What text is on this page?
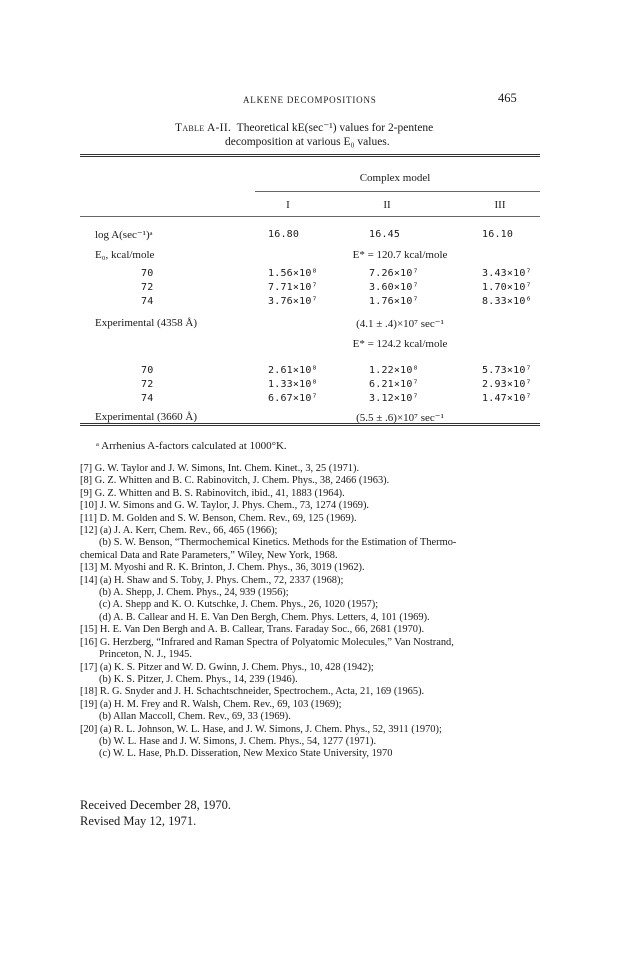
ALKENE DECOMPOSITIONS	465
Table A-II. Theoretical kE(sec⁻¹) values for 2-pentene
decomposition at various E₀ values.
Complex model
I	II	III
log A(sec⁻¹)ᵃ	16.80	16.45	16.10
E₀, kcal/mole	E* = 120.7 kcal/mole
70	1.56×10⁸	7.26×10⁷	3.43×10⁷
72	7.71×10⁷	3.60×10⁷	1.70×10⁷
74	3.76×10⁷	1.76×10⁷	8.33×10⁶
Experimental (4358 Å)	(4.1 ± .4)×10⁷ sec⁻¹
E* = 124.2 kcal/mole
70	2.61×10⁸	1.22×10⁸	5.73×10⁷
72	1.33×10⁸	6.21×10⁷	2.93×10⁷
74	6.67×10⁷	3.12×10⁷	1.47×10⁷
Experimental (3660 Å)	(5.5 ± .6)×10⁷ sec⁻¹
ᵃ Arrhenius A-factors calculated at 1000°K.
[7] G. W. Taylor and J. W. Simons, Int. Chem. Kinet., 3, 25 (1971).
[8] G. Z. Whitten and B. C. Rabinovitch, J. Chem. Phys., 38, 2466 (1963).
[9] G. Z. Whitten and B. S. Rabinovitch, ibid., 41, 1883 (1964).
[10] J. W. Simons and G. W. Taylor, J. Phys. Chem., 73, 1274 (1969).
[11] D. M. Golden and S. W. Benson, Chem. Rev., 69, 125 (1969).
[12] (a) J. A. Kerr, Chem. Rev., 66, 465 (1966);
(b) S. W. Benson, “Thermochemical Kinetics. Methods for the Estimation of Thermo-
chemical Data and Rate Parameters,” Wiley, New York, 1968.
[13] M. Myoshi and R. K. Brinton, J. Chem. Phys., 36, 3019 (1962).
[14] (a) H. Shaw and S. Toby, J. Phys. Chem., 72, 2337 (1968);
(b) A. Shepp, J. Chem. Phys., 24, 939 (1956);
(c) A. Shepp and K. O. Kutschke, J. Chem. Phys., 26, 1020 (1957);
(d) A. B. Callear and H. E. Van Den Bergh, Chem. Phys. Letters, 4, 101 (1969).
[15] H. E. Van Den Bergh and A. B. Callear, Trans. Faraday Soc., 66, 2681 (1970).
[16] G. Herzberg, “Infrared and Raman Spectra of Polyatomic Molecules,” Van Nostrand,
Princeton, N. J., 1945.
[17] (a) K. S. Pitzer and W. D. Gwinn, J. Chem. Phys., 10, 428 (1942);
(b) K. S. Pitzer, J. Chem. Phys., 14, 239 (1946).
[18] R. G. Snyder and J. H. Schachtschneider, Spectrochem., Acta, 21, 169 (1965).
[19] (a) H. M. Frey and R. Walsh, Chem. Rev., 69, 103 (1969);
(b) Allan Maccoll, Chem. Rev., 69, 33 (1969).
[20] (a) R. L. Johnson, W. L. Hase, and J. W. Simons, J. Chem. Phys., 52, 3911 (1970);
(b) W. L. Hase and J. W. Simons, J. Chem. Phys., 54, 1277 (1971).
(c) W. L. Hase, Ph.D. Disseration, New Mexico State University, 1970
Received December 28, 1970.
Revised May 12, 1971.
